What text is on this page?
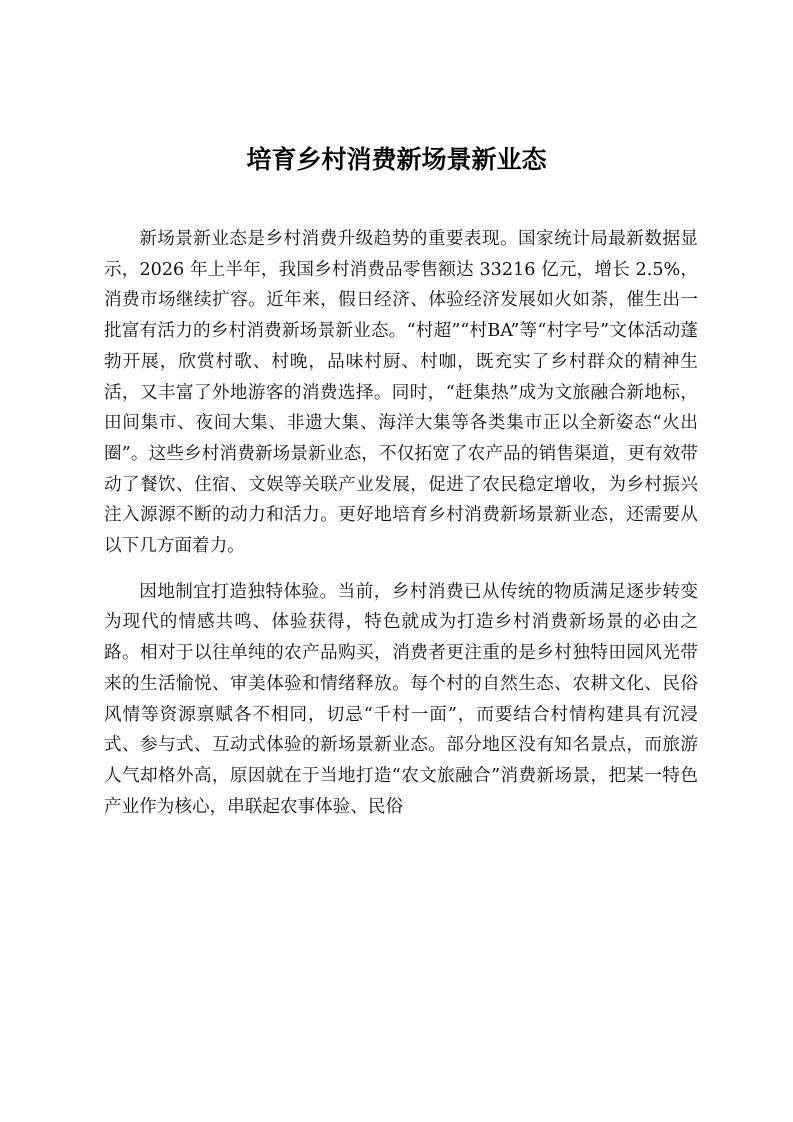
培育乡村消费新场景新业态

新场景新业态是乡村消费升级趋势的重要表现。国家统计局最新数据显示，2026 年上半年，我国乡村消费品零售额达 33216 亿元，增长 2.5%，消费市场继续扩容。近年来，假日经济、体验经济发展如火如荼，催生出一批富有活力的乡村消费新场景新业态。“村超”“村BA”等“村字号”文体活动蓬勃开展，欣赏村歌、村晚，品味村厨、村咖，既充实了乡村群众的精神生活，又丰富了外地游客的消费选择。同时，“赶集热”成为文旅融合新地标，田间集市、夜间大集、非遗大集、海洋大集等各类集市正以全新姿态“火出圈”。这些乡村消费新场景新业态，不仅拓宽了农产品的销售渠道，更有效带动了餐饮、住宿、文娱等关联产业发展，促进了农民稳定增收，为乡村振兴注入源源不断的动力和活力。更好地培育乡村消费新场景新业态，还需要从以下几方面着力。

因地制宜打造独特体验。当前，乡村消费已从传统的物质满足逐步转变为现代的情感共鸣、体验获得，特色就成为打造乡村消费新场景的必由之路。相对于以往单纯的农产品购买，消费者更注重的是乡村独特田园风光带来的生活愉悦、审美体验和情绪释放。每个村的自然生态、农耕文化、民俗风情等资源禀赋各不相同，切忌“千村一面”，而要结合村情构建具有沉浸式、参与式、互动式体验的新场景新业态。部分地区没有知名景点，而旅游人气却格外高，原因就在于当地打造“农文旅融合”消费新场景，把某一特色产业作为核心，串联起农事体验、民俗
